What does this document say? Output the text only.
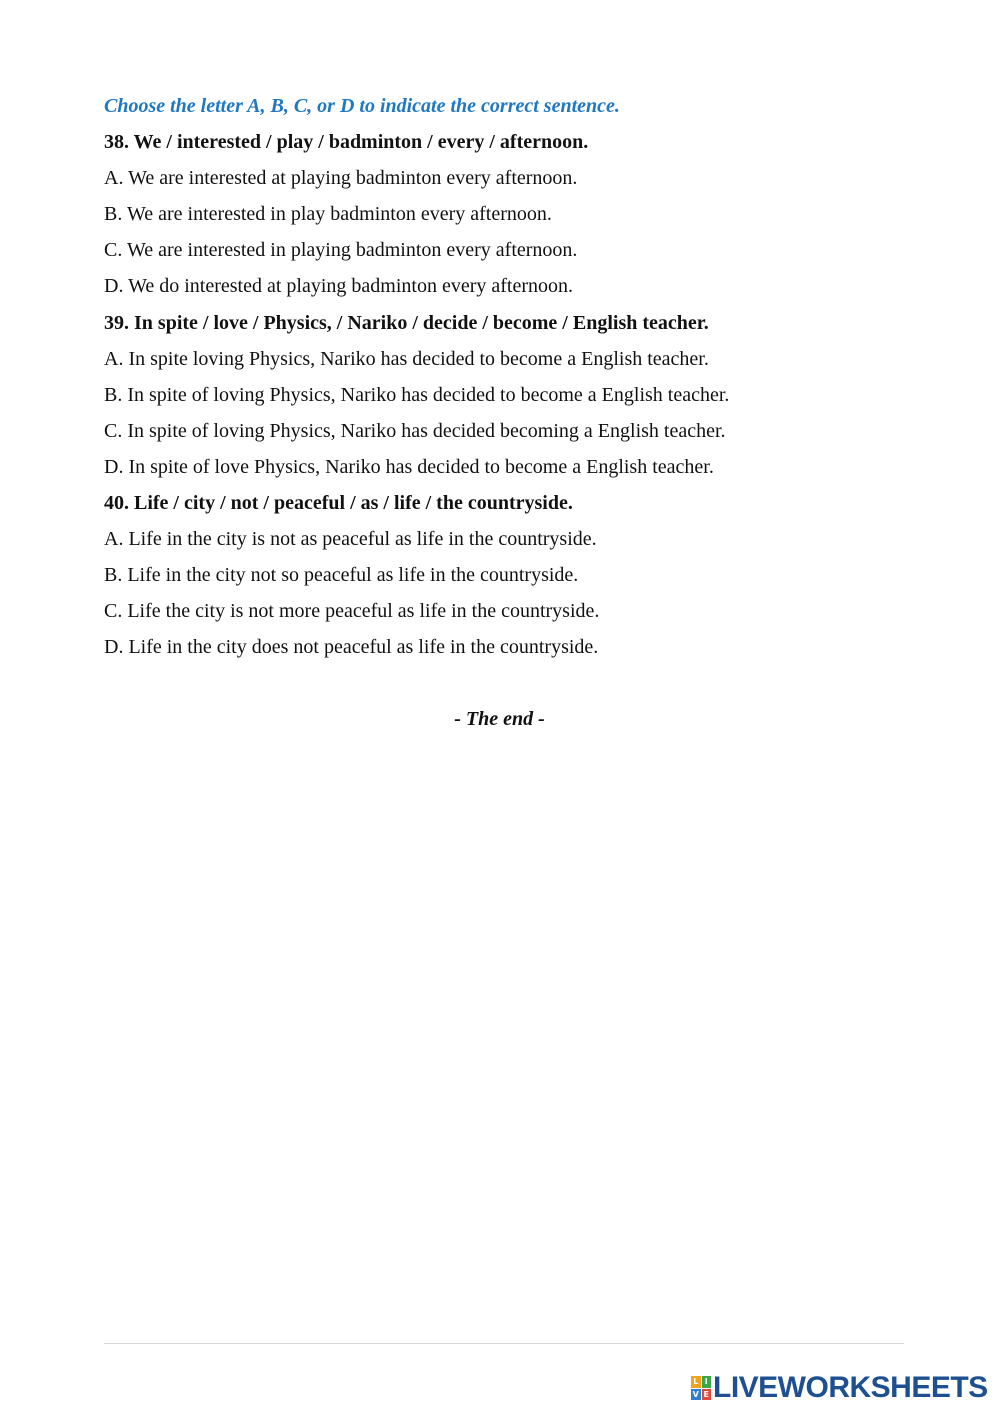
Choose the letter A, B, C, or D to indicate the correct sentence.
38. We / interested / play / badminton / every / afternoon.
A. We are interested at playing badminton every afternoon.
B. We are interested in play badminton every afternoon.
C. We are interested in playing badminton every afternoon.
D. We do interested at playing badminton every afternoon.
39. In spite / love / Physics, / Nariko / decide / become / English teacher.
A. In spite loving Physics, Nariko has decided to become a English teacher.
B. In spite of loving Physics, Nariko has decided to become a English teacher.
C. In spite of loving Physics, Nariko has decided becoming a English teacher.
D. In spite of love Physics, Nariko has decided to become a English teacher.
40. Life / city / not / peaceful / as / life / the countryside.
A. Life in the city is not as peaceful as life in the countryside.
B. Life in the city not so peaceful as life in the countryside.
C. Life the city is not more peaceful as life in the countryside.
D. Life in the city does not peaceful as life in the countryside.
- The end -
L I
V E LIVEWORKSHEETS
